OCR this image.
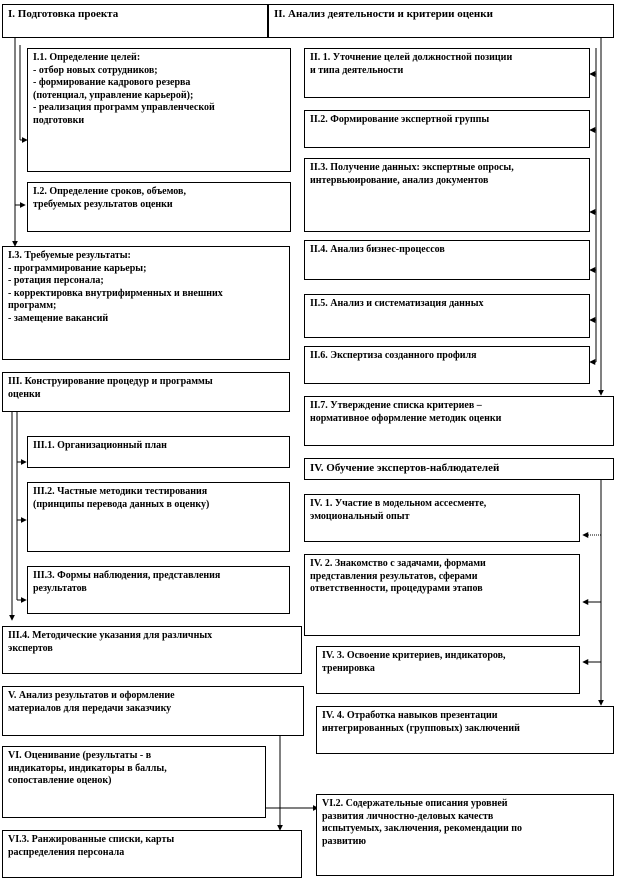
I. Подготовка проекта
I.1. Определение целей:
- отбор новых сотрудников;
- формирование кадрового резерва
(потенциал, управление карьерой);
- реализация программ управленческой
подготовки
I.2. Определение сроков, объемов,
требуемых результатов оценки
I.3. Требуемые результаты:
- программирование карьеры;
- ротация персонала;
- корректировка внутрифирменных и внешних
программ;
- замещение вакансий
III. Конструирование процедур и программы
оценки
III.1. Организационный план
III.2. Частные методики тестирования
(принципы перевода данных в оценку)
III.3. Формы наблюдения, представления
результатов
III.4. Методические указания для различных
экспертов
V. Анализ результатов и оформление
материалов для передачи заказчику
VI. Оценивание (результаты - в
индикаторы, индикаторы в баллы,
сопоставление оценок)
VI.3. Ранжированные списки, карты
распределения персонала
II. Анализ деятельности и критерии оценки
II. 1. Уточнение целей должностной позиции
и типа деятельности
II.2. Формирование экспертной группы
II.3. Получение данных: экспертные опросы,
интервьюирование, анализ документов
II.4. Анализ бизнес-процессов
II.5. Анализ и систематизация данных
II.6. Экспертиза созданного профиля
II.7. Утверждение списка критериев –
нормативное оформление методик оценки
IV. Обучение экспертов-наблюдателей
IV. 1. Участие в модельном ассесменте,
эмоциональный опыт
IV. 2. Знакомство с задачами, формами
представления результатов, сферами
ответственности, процедурами этапов
IV. 3. Освоение критериев, индикаторов,
тренировка
IV. 4. Отработка навыков презентации
интегрированных (групповых) заключений
VI.2. Содержательные описания уровней
развития личностно-деловых качеств
испытуемых, заключения, рекомендации по
развитию
